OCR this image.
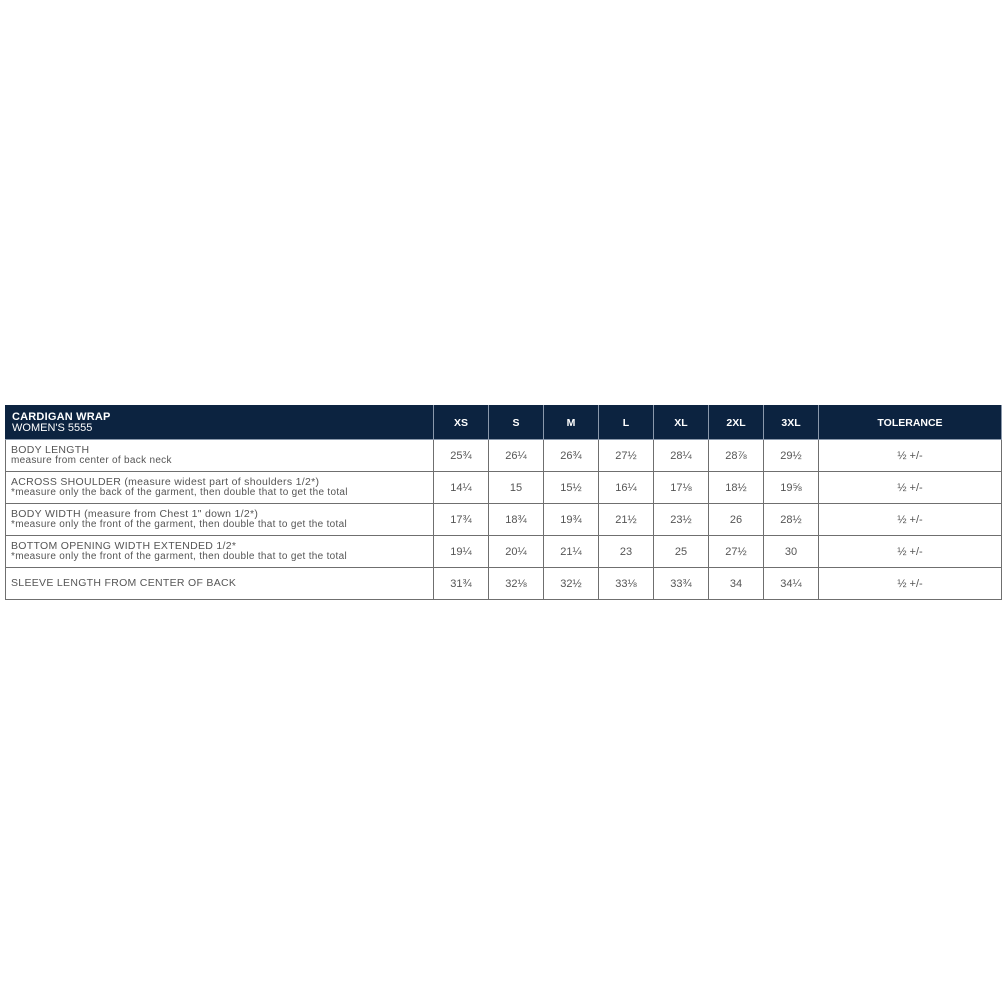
CARDIGAN WRAP
WOMEN'S 5555	XS	S	M	L	XL	2XL	3XL	TOLERANCE

BODY LENGTH
measure from center of back neck	25¾	26¼	26¾	27½	28¼	28⅞	29½	½ +/-

ACROSS SHOULDER (measure widest part of shoulders 1/2*)
*measure only the back of the garment, then double that to get the total	14¼	15	15½	16¼	17⅛	18½	19⅝	½ +/-

BODY WIDTH (measure from Chest 1" down 1/2*)
*measure only the front of the garment, then double that to get the total	17¾	18¾	19¾	21½	23½	26	28½	½ +/-

BOTTOM OPENING WIDTH EXTENDED 1/2*
*measure only the front of the garment, then double that to get the total	19¼	20¼	21¼	23	25	27½	30	½ +/-

SLEEVE LENGTH FROM CENTER OF BACK	31¾	32⅛	32½	33⅛	33¾	34	34¼	½ +/-
